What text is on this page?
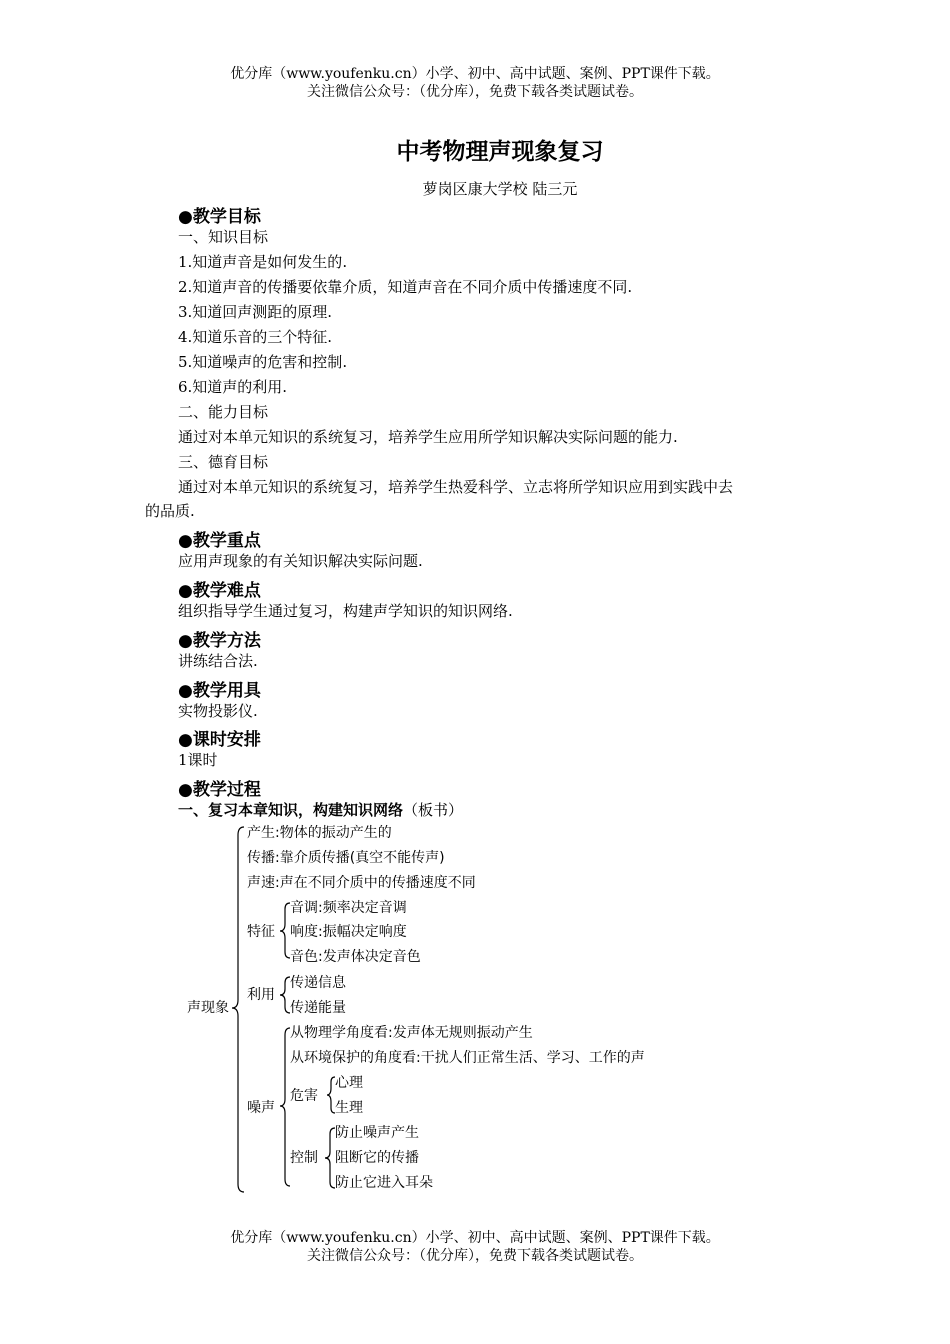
优分库（www.youfenku.cn）小学、初中、高中试题、案例、PPT课件下载。
关注微信公众号：（优分库），免费下载各类试题试卷。
中考物理声现象复习
萝岗区康大学校 陆三元
●教学目标
一、知识目标
1.知道声音是如何发生的.
2.知道声音的传播要依靠介质，知道声音在不同介质中传播速度不同.
3.知道回声测距的原理.
4.知道乐音的三个特征.
5.知道噪声的危害和控制.
6.知道声的利用.
二、能力目标
通过对本单元知识的系统复习，培养学生应用所学知识解决实际问题的能力.
三、德育目标
通过对本单元知识的系统复习，培养学生热爱科学、立志将所学知识应用到实践中去
的品质.
●教学重点
应用声现象的有关知识解决实际问题.
●教学难点
组织指导学生通过复习，构建声学知识的知识网络.
●教学方法
讲练结合法.
●教学用具
实物投影仪.
●课时安排
1课时
●教学过程
一、复习本章知识，构建知识网络（板书）
声现象
产生:物体的振动产生的
传播:靠介质传播(真空不能传声)
声速:声在不同介质中的传播速度不同
特征
音调:频率决定音调
响度:振幅决定响度
音色:发声体决定音色
利用
传递信息
传递能量
噪声
从物理学角度看:发声体无规则振动产生
从环境保护的角度看:干扰人们正常生活、学习、工作的声
危害
心理
生理
控制
防止噪声产生
阻断它的传播
防止它进入耳朵
优分库（www.youfenku.cn）小学、初中、高中试题、案例、PPT课件下载。
关注微信公众号：（优分库），免费下载各类试题试卷。
